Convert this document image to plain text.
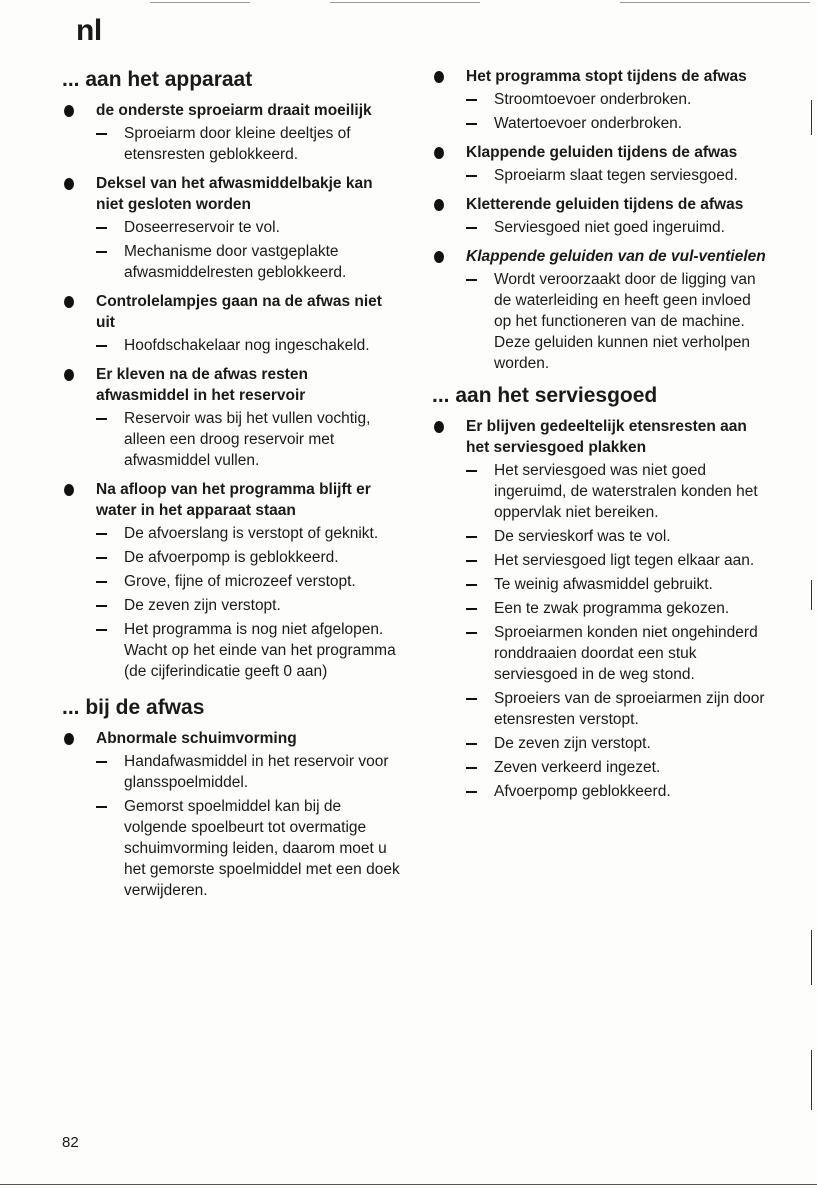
nl
... aan het apparaat
de onderste sproeiarm draait moeilijk
Sproeiarm door kleine deeltjes of etensresten geblokkeerd.
Deksel van het afwasmiddelbakje kan niet gesloten worden
Doseerreservoir te vol.
Mechanisme door vastgeplakte afwasmiddelresten geblokkeerd.
Controlelampjes gaan na de afwas niet uit
Hoofdschakelaar nog ingeschakeld.
Er kleven na de afwas resten afwasmiddel in het reservoir
Reservoir was bij het vullen vochtig, alleen een droog reservoir met afwasmiddel vullen.
Na afloop van het programma blijft er water in het apparaat staan
De afvoerslang is verstopt of geknikt.
De afvoerpomp is geblokkeerd.
Grove, fijne of microzeef verstopt.
De zeven zijn verstopt.
Het programma is nog niet afgelopen. Wacht op het einde van het programma (de cijferindicatie geeft 0 aan)
... bij de afwas
Abnormale schuimvorming
Handafwasmiddel in het reservoir voor glansspoelmiddel.
Gemorst spoelmiddel kan bij de volgende spoelbeurt tot overmatige schuimvorming leiden, daarom moet u het gemorste spoelmiddel met een doek verwijderen.
Het programma stopt tijdens de afwas
Stroomtoevoer onderbroken.
Watertoevoer onderbroken.
Klappende geluiden tijdens de afwas
Sproeiarm slaat tegen serviesgoed.
Kletterende geluiden tijdens de afwas
Serviesgoed niet goed ingeruimd.
Klappende geluiden van de vul-ventielen
Wordt veroorzaakt door de ligging van de waterleiding en heeft geen invloed op het functioneren van de machine. Deze geluiden kunnen niet verholpen worden.
... aan het serviesgoed
Er blijven gedeeltelijk etensresten aan het serviesgoed plakken
Het serviesgoed was niet goed ingeruimd, de waterstralen konden het oppervlak niet bereiken.
De servieskorf was te vol.
Het serviesgoed ligt tegen elkaar aan.
Te weinig afwasmiddel gebruikt.
Een te zwak programma gekozen.
Sproeiarmen konden niet ongehinderd ronddraaien doordat een stuk serviesgoed in de weg stond.
Sproeiers van de sproeiarmen zijn door etensresten verstopt.
De zeven zijn verstopt.
Zeven verkeerd ingezet.
Afvoerpomp geblokkeerd.
82
